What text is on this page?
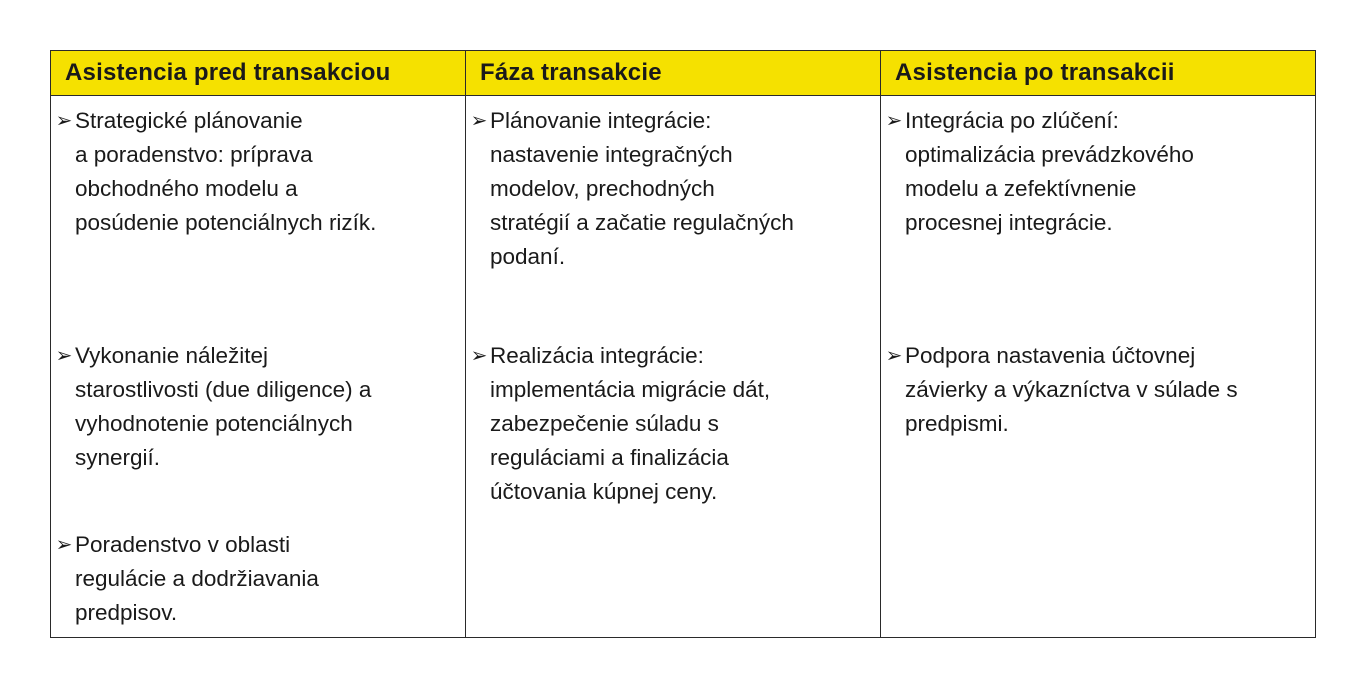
Asistencia pred transakciou	Fáza transakcie	Asistencia po transakcii
➢ Strategické plánovanie
a poradenstvo: príprava
obchodného modelu a
posúdenie potenciálnych rizík.
➢ Vykonanie náležitej
starostlivosti (due diligence) a
vyhodnotenie potenciálnych
synergií.
➢ Poradenstvo v oblasti
regulácie a dodržiavania
predpisov.
➢ Plánovanie integrácie:
nastavenie integračných
modelov, prechodných
stratégií a začatie regulačných
podaní.
➢ Realizácia integrácie:
implementácia migrácie dát,
zabezpečenie súladu s
reguláciami a finalizácia
účtovania kúpnej ceny.
➢ Integrácia po zlúčení:
optimalizácia prevádzkového
modelu a zefektívnenie
procesnej integrácie.
➢ Podpora nastavenia účtovnej
závierky a výkazníctva v súlade s
predpismi.
